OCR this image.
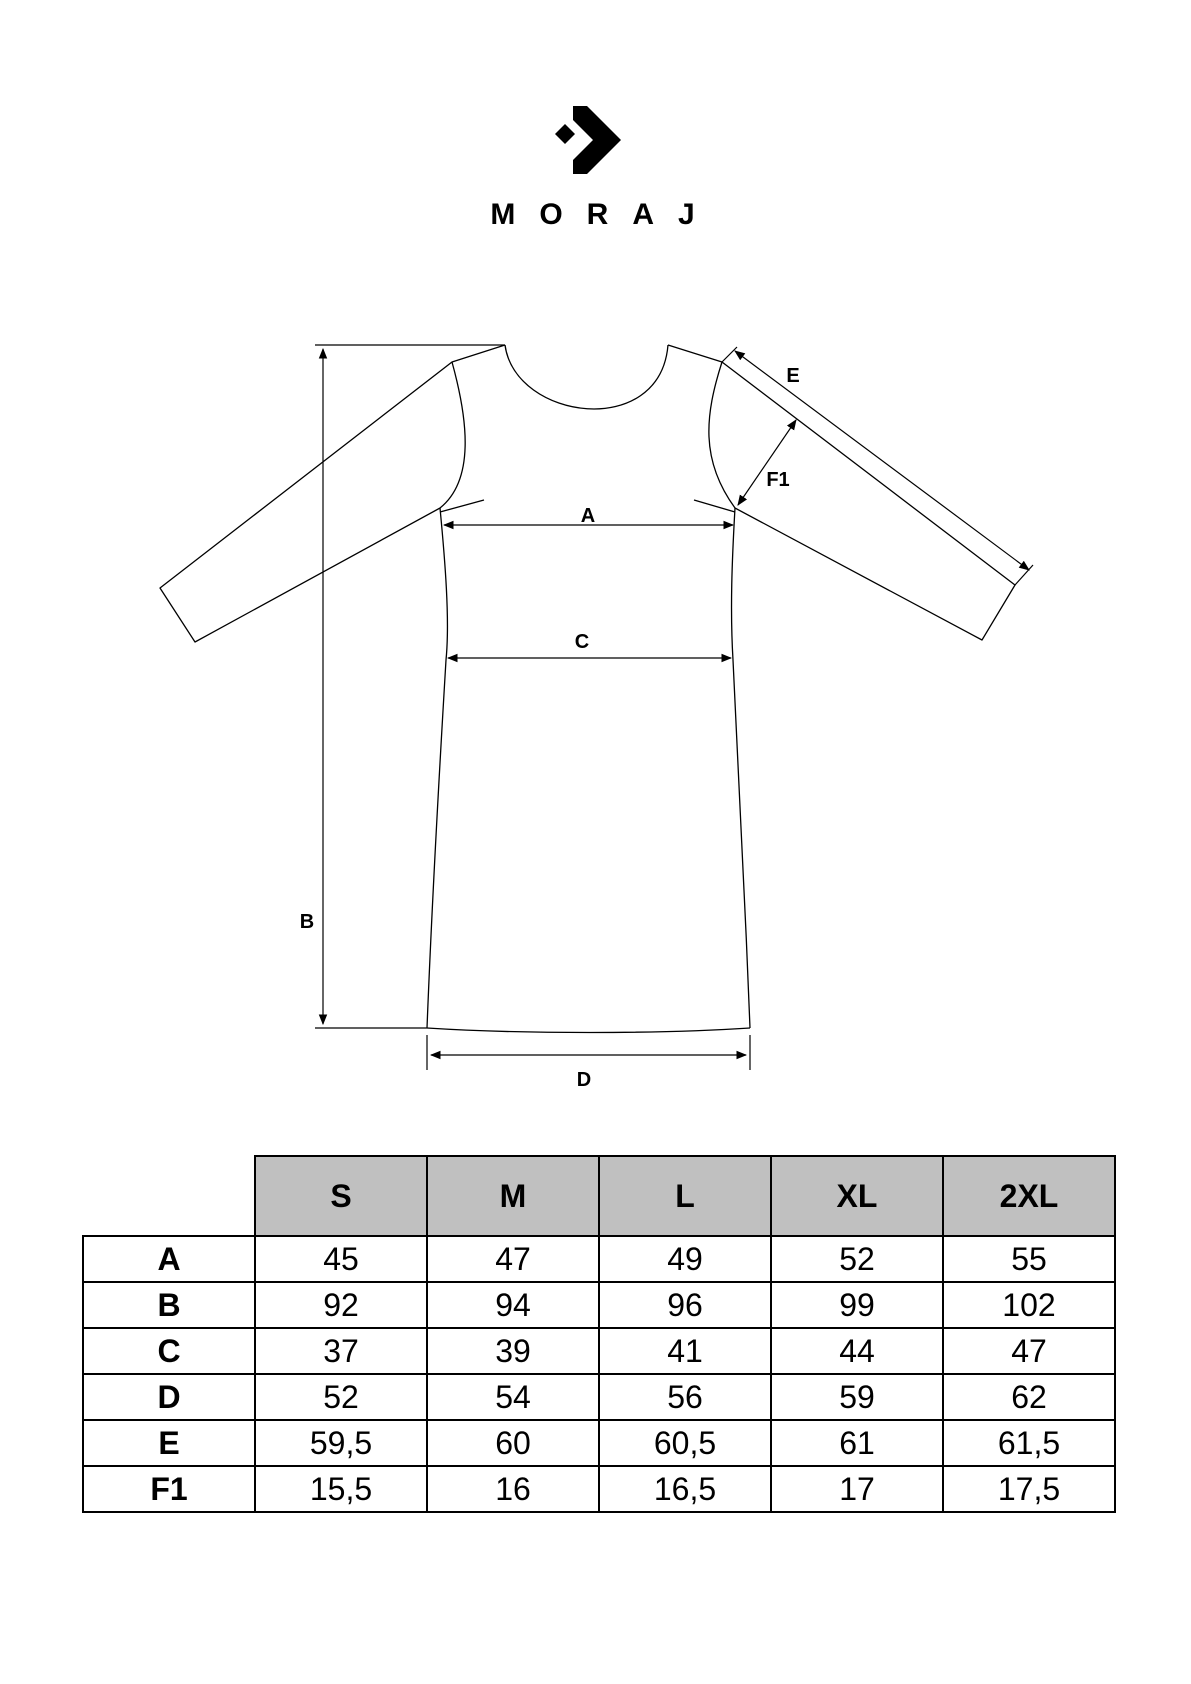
MORAJ
A
B
C
D
E
F1
	S	M	L	XL	2XL
A	45	47	49	52	55
B	92	94	96	99	102
C	37	39	41	44	47
D	52	54	56	59	62
E	59,5	60	60,5	61	61,5
F1	15,5	16	16,5	17	17,5
